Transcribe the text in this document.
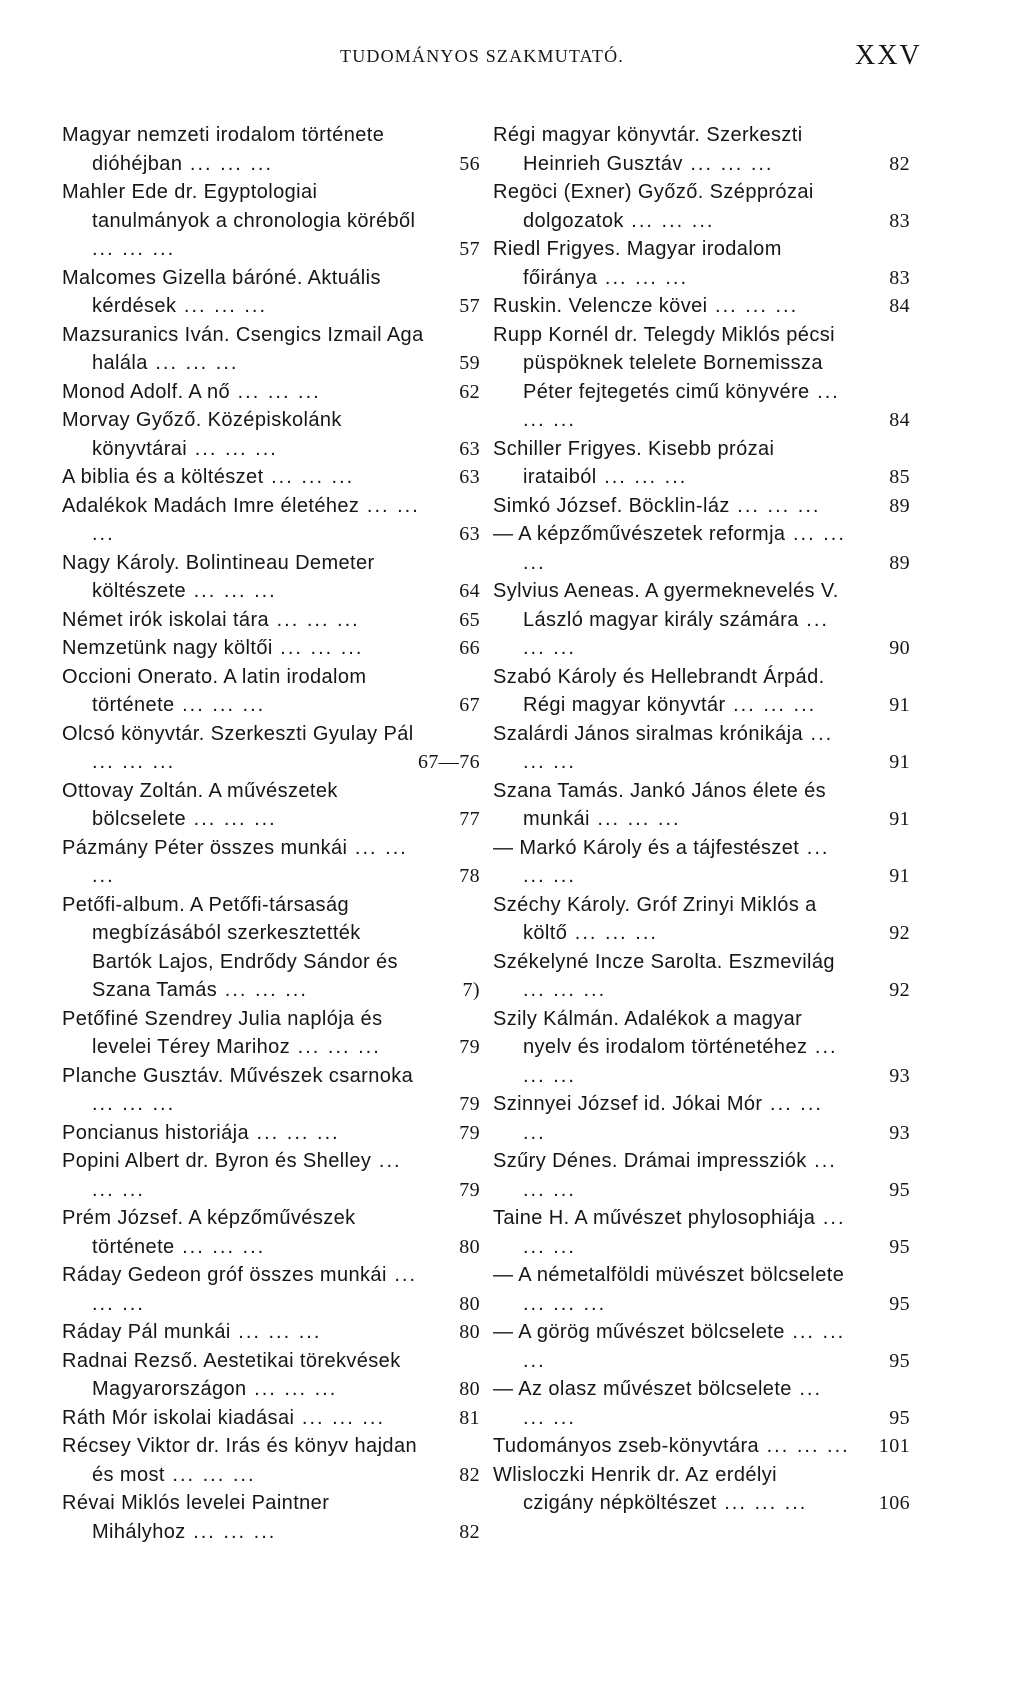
TUDOMÁNYOS SZAKMUTATÓ.	XXV
Magyar nemzeti irodalom története dióhéjban ... ... ...	56
Mahler Ede dr. Egyptologiai tanulmányok a chronologia köréből ... ... ...	57
Malcomes Gizella báróné. Aktuális kérdések ... ... ...	57
Mazsuranics Iván. Csengics Izmail Aga halála ... ... ...	59
Monod Adolf. A nő ... ... ...	62
Morvay Győző. Középiskolánk könyvtárai ... ... ...	63
A biblia és a költészet ... ... ...	63
Adalékok Madách Imre életéhez ... ... ...	63
Nagy Károly. Bolintineau Demeter költészete ... ... ...	64
Német irók iskolai tára ... ... ...	65
Nemzetünk nagy költői ... ... ...	66
Occioni Onerato. A latin irodalom története ... ... ...	67
Olcsó könyvtár. Szerkeszti Gyulay Pál ... ... ...	67—76
Ottovay Zoltán. A művészetek bölcselete ... ... ...	77
Pázmány Péter összes munkái ... ... ...	78
Petőfi-album. A Petőfi-társaság megbízásából szerkesztették Bartók Lajos, Endrődy Sándor és Szana Tamás ... ... ...	7)
Petőfiné Szendrey Julia naplója és levelei Térey Marihoz ... ... ...	79
Planche Gusztáv. Művészek csarnoka ... ... ...	79
Poncianus historiája ... ... ...	79
Popini Albert dr. Byron és Shelley ... ... ...	79
Prém József. A képzőművészek története ... ... ...	80
Ráday Gedeon gróf összes munkái ... ... ...	80
Ráday Pál munkái ... ... ...	80
Radnai Rezső. Aestetikai törekvések Magyarországon ... ... ...	80
Ráth Mór iskolai kiadásai ... ... ...	81
Récsey Viktor dr. Irás és könyv hajdan és most ... ... ...	82
Révai Miklós levelei Paintner Mihályhoz ... ... ...	82
Régi magyar könyvtár. Szerkeszti Heinrieh Gusztáv ... ... ...	82
Regöci (Exner) Győző. Szépprózai dolgozatok ... ... ...	83
Riedl Frigyes. Magyar irodalom főiránya ... ... ...	83
Ruskin. Velencze kövei ... ... ...	84
Rupp Kornél dr. Telegdy Miklós pécsi püspöknek telelete Bornemissza Péter fejtegetés cimű könyvére ... ... ...	84
Schiller Frigyes. Kisebb prózai irataiból ... ... ...	85
Simkó József. Böcklin-láz ... ... ...	89
— A képzőművészetek reformja ... ... ...	89
Sylvius Aeneas. A gyermeknevelés V. László magyar király számára ... ... ...	90
Szabó Károly és Hellebrandt Árpád. Régi magyar könyvtár ... ... ...	91
Szalárdi János siralmas krónikája ... ... ...	91
Szana Tamás. Jankó János élete és munkái ... ... ...	91
— Markó Károly és a tájfestészet ... ... ...	91
Széchy Károly. Gróf Zrinyi Miklós a költő ... ... ...	92
Székelyné Incze Sarolta. Eszmevilág ... ... ...	92
Szily Kálmán. Adalékok a magyar nyelv és irodalom történetéhez ... ... ...	93
Szinnyei József id. Jókai Mór ... ... ...	93
Szűry Dénes. Drámai impressziók ... ... ...	95
Taine H. A művészet phylosophiája ... ... ...	95
— A németalföldi müvészet bölcselete ... ... ...	95
— A görög művészet bölcselete ... ... ...	95
— Az olasz művészet bölcselete ... ... ...	95
Tudományos zseb-könyvtára ... ... ... 101
Wlisloczki Henrik dr. Az erdélyi czigány népköltészet ... ... ...	106
